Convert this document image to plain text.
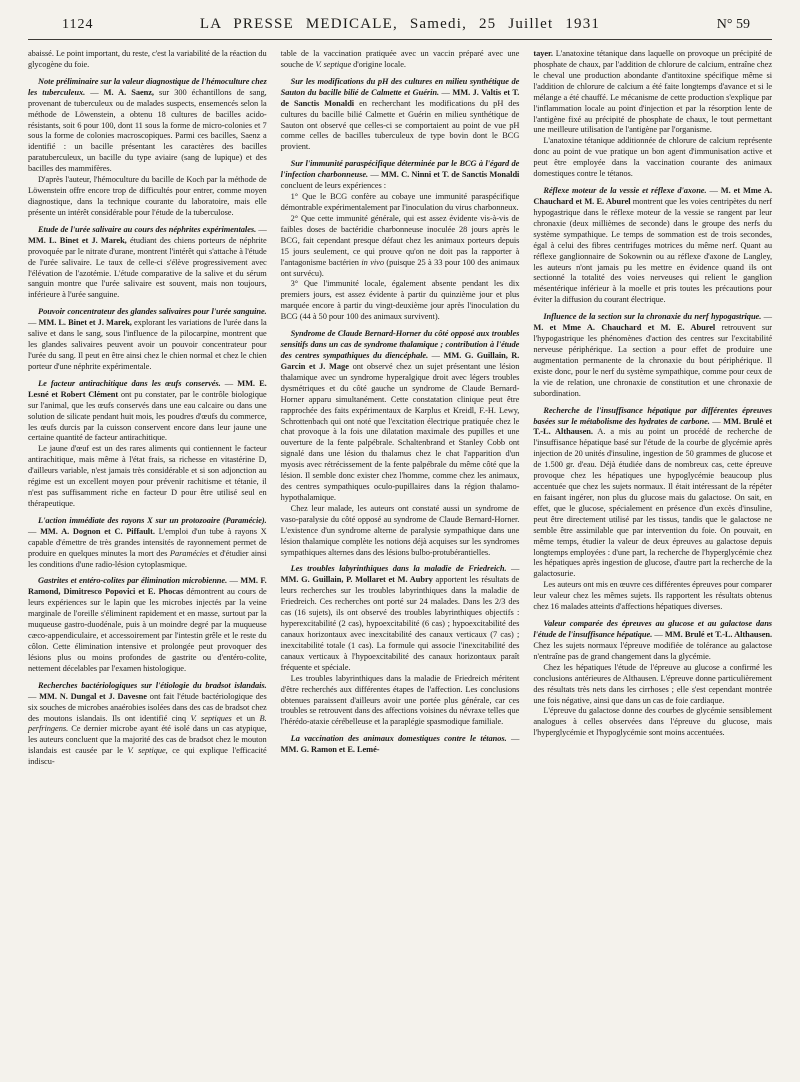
1124	LA PRESSE MEDICALE, Samedi, 25 Juillet 1931	N° 59

abaissé. Le point important, du reste, c'est la variabilité de la réaction du glycogène du foie.

Note préliminaire sur la valeur diagnostique de l'hémoculture chez les tuberculeux. — M. A. Saenz, sur 300 échantillons de sang, provenant de tuberculeux ou de malades suspects, ensemencés selon la méthode de Löwenstein, a obtenu 18 cultures de bacilles acido-résistants, soit 6 pour 100, dont 11 sous la forme de micro-colonies et 7 sous la forme de colonies macroscopiques. Parmi ces bacilles, Saenz a identifié : un bacille présentant les caractères des bacilles paratuberculeux, un bacille du type aviaire (sang de lupique) et des bacilles des mammifères.

D'après l'auteur, l'hémoculture du bacille de Koch par la méthode de Löwenstein offre encore trop de difficultés pour entrer, comme moyen diagnostique, dans la technique courante du laboratoire, mais elle présente un intérêt considérable pour l'étude de la tuberculose.

Etude de l'urée salivaire au cours des néphrites expérimentales. — MM. L. Binet et J. Marek, étudiant des chiens porteurs de néphrite provoquée par le nitrate d'urane, montrent l'intérêt qui s'attache à l'étude de l'urée salivaire. Le taux de celle-ci s'élève progressivement avec l'élévation de l'azotémie. L'étude comparative de la salive et du sérum sanguin montre que l'urée salivaire est souvent, mais non toujours, inférieure à l'urée sanguine.

Pouvoir concentrateur des glandes salivaires pour l'urée sanguine. — MM. L. Binet et J. Marek, explorant les variations de l'urée dans la salive et dans le sang, sous l'influence de la pilocarpine, montrent que les glandes salivaires peuvent avoir un pouvoir concentrateur pour l'urée du sang. Il peut en être ainsi chez le chien normal et chez le chien porteur d'une néphrite expérimentale.

Le facteur antirachitique dans les œufs conservés. — MM. E. Lesné et Robert Clément ont pu constater, par le contrôle biologique sur l'animal, que les œufs conservés dans une eau calcaire ou dans une solution de silicate pendant huit mois, les poudres d'œufs du commerce, les œufs durcis par la cuisson conservent encore dans leur jaune une certaine quantité de facteur antirachitique.

Le jaune d'œuf est un des rares aliments qui contiennent le facteur antirachitique, mais même à l'état frais, sa richesse en vitastérine D, d'ailleurs variable, n'est jamais très considérable et si son adjonction au régime est un excellent moyen pour prévenir rachitisme et tétanie, il n'est pas suffisamment riche en facteur D pour être utilisé seul en thérapeutique.

L'action immédiate des rayons X sur un protozoaire (Paramécie). — MM. A. Dognon et C. Piffault. L'emploi d'un tube à rayons X capable d'émettre de très grandes intensités de rayonnement permet de produire en quelques minutes la mort des Paramécies et d'étudier ainsi les conditions d'une radio-lésion cytoplasmique.

Gastrites et entéro-colites par élimination microbienne. — MM. F. Ramond, Dimitresco Popovici et E. Phocas démontrent au cours de leurs expériences sur le lapin que les microbes injectés par la veine marginale de l'oreille s'éliminent rapidement et en masse, surtout par la muqueuse gastro-duodénale, puis à un moindre degré par la muqueuse cæco-appendiculaire, et accessoirement par l'intestin grêle et le reste du côlon. Cette élimination intensive et prolongée peut provoquer des lésions plus ou moins profondes de gastrite ou d'entéro-colite, nettement décelables par l'examen histologique.

Recherches bactériologiques sur l'étiologie du bradsot islandais. — MM. N. Dungal et J. Davesne ont fait l'étude bactériologique des six souches de microbes anaérobies isolées dans des cas de bradsot chez des moutons islandais. Ils ont identifié cinq V. septiques et un B. perfringens. Ce dernier microbe ayant été isolé dans un cas atypique, les auteurs concluent que la majorité des cas de bradsot chez le mouton islandais est causée par le V. septique, ce qui explique l'efficacité indiscu-

table de la vaccination pratiquée avec un vaccin préparé avec une souche de V. septique d'origine locale.

Sur les modifications du pH des cultures en milieu synthétique de Sauton du bacille bilié de Calmette et Guérin. — MM. J. Valtis et T. de Sanctis Monaldi en recherchant les modifications du pH des cultures du bacille bilié Calmette et Guérin en milieu synthétique de Sauton ont observé que celles-ci se comportaient au point de vue pH comme celles de bacilles tuberculeux de type bovin dont le BCG provient.

Sur l'immunité paraspécifique déterminée par le BCG à l'égard de l'infection charbonneuse. — MM. C. Ninni et T. de Sanctis Monaldi concluent de leurs expériences :

1° Que le BCG confère au cobaye une immunité paraspécifique démontrable expérimentalement par l'inoculation du virus charbonneux.

2° Que cette immunité générale, qui est assez évidente vis-à-vis de faibles doses de bactéridie charbonneuse inoculée 28 jours après le BCG, fait cependant presque défaut chez les animaux porteurs depuis 15 jours seulement, ce qui prouve qu'on ne doit pas la rapporter à l'antagonisme bactérien in vivo (puisque 25 à 33 pour 100 des animaux ont survécu).

3° Que l'immunité locale, également absente pendant les dix premiers jours, est assez évidente à partir du quinzième jour et plus marquée encore à partir du vingt-deuxième jour après l'inoculation du BCG (44 à 50 pour 100 des animaux survivent).

Syndrome de Claude Bernard-Horner du côté opposé aux troubles sensitifs dans un cas de syndrome thalamique ; contribution à l'étude des centres sympathiques du diencéphale. — MM. G. Guillain, R. Garcin et J. Mage ont observé chez un sujet présentant une lésion thalamique avec un syndrome hyperalgique droit avec légers troubles dysmétriques et du côté gauche un syndrome de Claude Bernard-Horner apparu simultanément. Cette constatation clinique peut être rapprochée des faits expérimentaux de Karplus et Kreidl, F.-H. Lewy, Schrottenbach qui ont noté que l'excitation électrique pratiquée chez le chat provoque à la fois une dilatation maximale des pupilles et une ouverture de la fente palpébrale. Schaltenbrand et Stanley Cobb ont signalé dans une lésion du thalamus chez le chat l'apparition d'un myosis avec rétrécissement de la fente palpébrale du même côté que la lésion. Il semble donc exister chez l'homme, comme chez les animaux, des centres sympathiques oculo-pupillaires dans la région thalamo-hypothalamique.

Chez leur malade, les auteurs ont constaté aussi un syndrome de vaso-paralysie du côté opposé au syndrome de Claude Bernard-Horner. L'existence d'un syndrome alterne de paralysie sympathique dans une lésion thalamique complète les notions déjà acquises sur les syndromes sympathiques alternes dans des lésions bulbo-protubérantielles.

Les troubles labyrinthiques dans la maladie de Friedreich. — MM. G. Guillain, P. Mollaret et M. Aubry apportent les résultats de leurs recherches sur les troubles labyrinthiques dans la maladie de Friedreich. Ces recherches ont porté sur 24 malades. Dans les 2/3 des cas (16 sujets), ils ont observé des troubles labyrinthiques objectifs : hyperexcitabilité (2 cas), hypoexcitabilité (6 cas) ; hypoexcitabilité des canaux horizontaux avec inexcitabilité des canaux verticaux (7 cas) ; inexcitabilité totale (1 cas). La formule qui associe l'inexcitabilité des canaux verticaux à l'hypoexcitabilité des canaux horizontaux paraît fréquente et spéciale.

Les troubles labyrinthiques dans la maladie de Friedreich méritent d'être recherchés aux différentes étapes de l'affection. Les conclusions obtenues paraissent d'ailleurs avoir une portée plus générale, car ces troubles se retrouvent dans des affections voisines du névraxe telles que l'hérédo-ataxie cérébelleuse et la paraplégie spasmodique familiale.

La vaccination des animaux domestiques contre le tétanos. — MM. G. Ramon et E. Lemé-

tayer. L'anatoxine tétanique dans laquelle on provoque un précipité de phosphate de chaux, par l'addition de chlorure de calcium, entraîne chez le cheval une production abondante d'antitoxine spécifique même si l'addition de chlorure de calcium a été faite longtemps d'avance et si le mélange a été chauffé. Le mécanisme de cette production s'explique par l'inflammation locale au point d'injection et par la résorption lente de l'antigène fixé au précipité de phosphate de chaux, le tout permettant une meilleure utilisation de l'antigène par l'organisme.

L'anatoxine tétanique additionnée de chlorure de calcium représente donc au point de vue pratique un bon agent d'immunisation active et peut être employée dans la vaccination courante des animaux domestiques contre le tétanos.

Réflexe moteur de la vessie et réflexe d'axone. — M. et Mme A. Chauchard et M. E. Aburel montrent que les voies centripètes du nerf hypogastrique dans le réflexe moteur de la vessie se rangent par leur chronaxie (deux millièmes de seconde) dans le groupe des nerfs du système sympathique. Le temps de sommation est de trois secondes, égal à celui des fibres centrifuges motrices du même nerf. Quant au réflexe ganglionnaire de Sokownin ou au réflexe d'axone de Langley, les auteurs n'ont jamais pu les mettre en évidence quand ils ont sectionné la totalité des voies nerveuses qui relient le ganglion mésentérique inférieur à la moelle et pris toutes les précautions pour éviter la diffusion du courant électrique.

Influence de la section sur la chronaxie du nerf hypogastrique. — M. et Mme A. Chauchard et M. E. Aburel retrouvent sur l'hypogastrique les phénomènes d'action des centres sur l'excitabilité nerveuse périphérique. La section a pour effet de produire une augmentation permanente de la chronaxie du bout périphérique. Il existe donc, pour le nerf du système sympathique, comme pour ceux de la vie de relation, une chronaxie de constitution et une chronaxie de subordination.

Recherche de l'insuffisance hépatique par différentes épreuves basées sur le métabolisme des hydrates de carbone. — MM. Brulé et T.-L. Althausen. A. a mis au point un procédé de recherche de l'insuffisance hépatique basé sur l'étude de la courbe de glycémie après injection de 20 unités d'insuline, ingestion de 50 grammes de glucose et de 1.500 gr. d'eau. Déjà étudiée dans de nombreux cas, cette épreuve provoque chez les hépatiques une hypoglycémie beaucoup plus accentuée que chez les sujets normaux. Il était intéressant de la répéter en faisant ingérer, non plus du glucose mais du galactose. On sait, en effet, que le glucose, spécialement en présence d'un excès d'insuline, peut être directement utilisé par les tissus, tandis que le galactose ne semble être assimilable que par intervention du foie. On pouvait, en même temps, étudier la valeur de deux épreuves au galactose depuis longtemps employées : d'une part, la recherche de l'hyperglycémie chez les hépatiques après ingestion de glucose, d'autre part la recherche de la galactosurie.

Les auteurs ont mis en œuvre ces différentes épreuves pour comparer leur valeur chez les mêmes sujets. Ils rapportent les résultats obtenus chez 16 malades atteints d'affections hépatiques diverses.

Valeur comparée des épreuves au glucose et au galactose dans l'étude de l'insuffisance hépatique. — MM. Brulé et T.-L. Althausen. Chez les sujets normaux l'épreuve modifiée de tolérance au galactose n'entraîne pas de grand changement dans la glycémie.

Chez les hépatiques l'étude de l'épreuve au glucose a confirmé les conclusions antérieures de Althausen. L'épreuve donne particulièrement des résultats très nets dans les cirrhoses ; elle s'est cependant montrée une fois négative, ainsi que dans un cas de foie cardiaque.

L'épreuve du galactose donne des courbes de glycémie sensiblement analogues à celles observées dans l'épreuve du glucose, mais l'hyperglycémie et l'hypoglycémie sont moins accentuées.
